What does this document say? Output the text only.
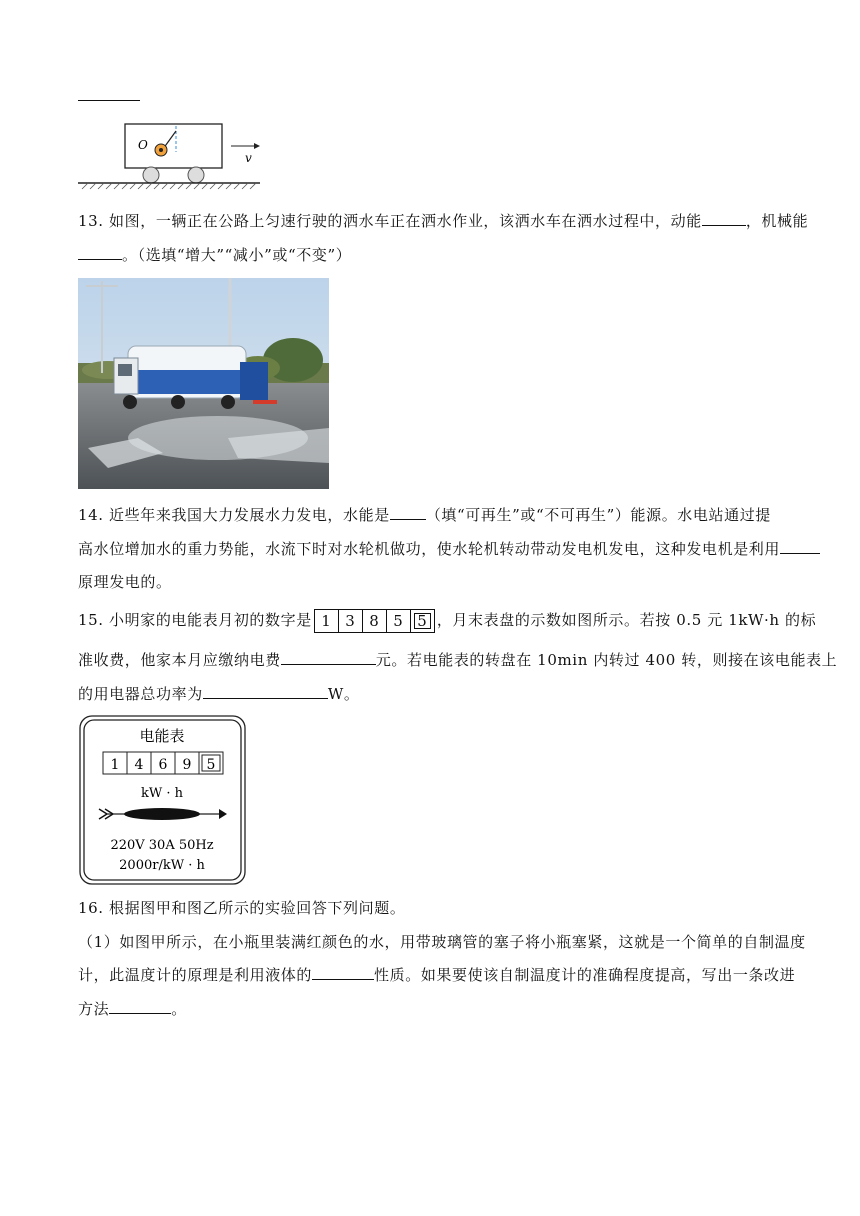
O
v
13. 如图，一辆正在公路上匀速行驶的洒水车正在洒水作业，该洒水车在洒水过程中，动能	，机械能
。（选填“增大”“减小”或“不变”）
14. 近些年来我国大力发展水力发电，水能是 （填“可再生”或“不可再生”）能源。水电站通过提
高水位增加水的重力势能，水流下时对水轮机做功，使水轮机转动带动发电机发电，这种发电机是利用
原理发电的。
15. 小明家的电能表月初的数字是 1 3 8 5 5 ，月末表盘的示数如图所示。若按 0.5 元 1kW·h 的标
准收费，他家本月应缴纳电费	元。若电能表的转盘在 10min 内转过 400 转，则接在该电能表上
的用电器总功率为	W。
电能表
1 4 6 9 5
kW · h
220V 30A 50Hz
2000r/kW · h
16. 根据图甲和图乙所示的实验回答下列问题。
（1）如图甲所示，在小瓶里装满红颜色的水，用带玻璃管的塞子将小瓶塞紧，这就是一个简单的自制温度
计，此温度计的原理是利用液体的	性质。如果要使该自制温度计的准确程度提高，写出一条改进
方法	。
